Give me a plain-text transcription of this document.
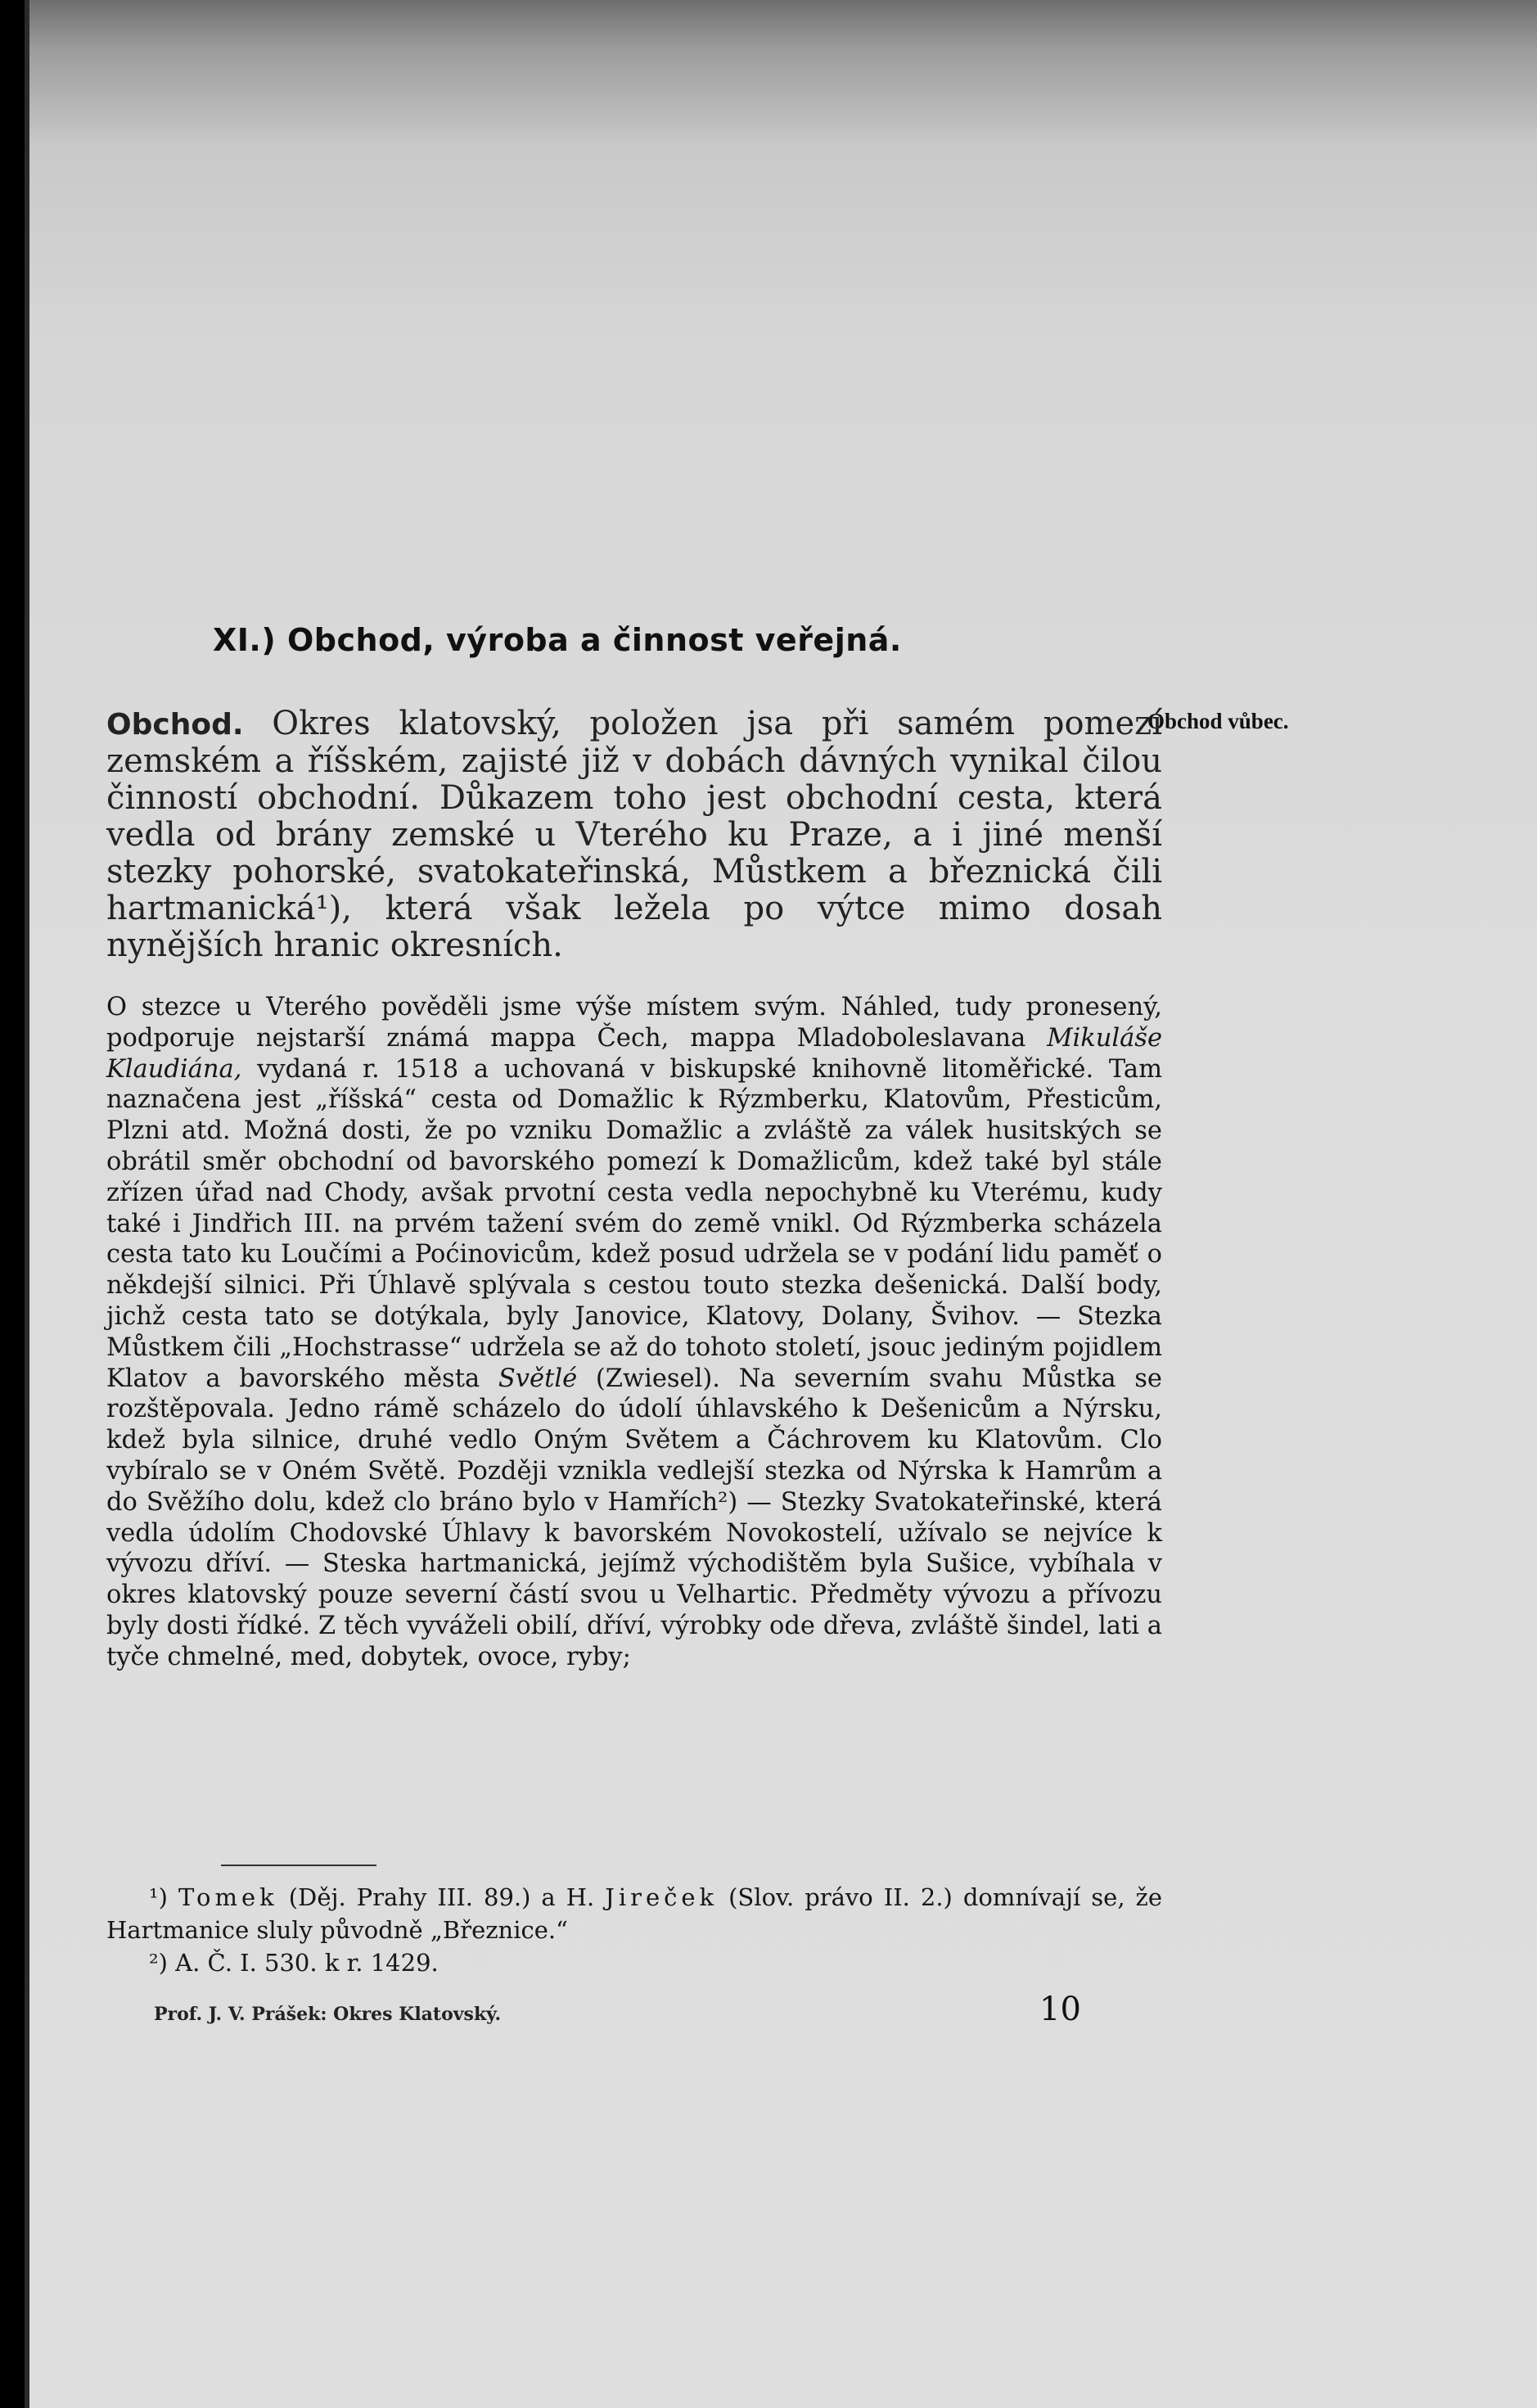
XI.) Obchod, výroba a činnost veřejná.
Obchod vůbec.
Obchod. Okres klatovský, položen jsa při samém pomezí zemském a říšském, zajisté již v dobách dávných vynikal čilou činností obchodní. Důkazem toho jest obchodní cesta, která vedla od brány zemské u Vterého ku Praze, a i jiné menší stezky pohorské, svatokateřinská, Můstkem a březnická čili hartmanická¹), která však ležela po výtce mimo dosah nynějších hranic okresních.
O stezce u Vterého pověděli jsme výše místem svým. Náhled, tudy pronesený, podporuje nejstarší známá mappa Čech, mappa Mladoboleslavana Mikuláše Klaudiána, vydaná r. 1518 a uchovaná v biskupské knihovně litoměřické. Tam naznačena jest „říšská“ cesta od Domažlic k Rýzmberku, Klatovům, Přesticům, Plzni atd. Možná dosti, že po vzniku Domažlic a zvláště za válek husitských se obrátil směr obchodní od bavorského pomezí k Domažlicům, kdež také byl stále zřízen úřad nad Chody, avšak prvotní cesta vedla nepochybně ku Vterému, kudy také i Jindřich III. na prvém tažení svém do země vnikl. Od Rýzmberka scházela cesta tato ku Loučími a Poćinovicům, kdež posud udržela se v podání lidu paměť o někdejší silnici. Při Úhlavě splývala s cestou touto stezka dešenická. Další body, jichž cesta tato se dotýkala, byly Janovice, Klatovy, Dolany, Švihov. — Stezka Můstkem čili „Hochstrasse“ udržela se až do tohoto století, jsouc jediným pojidlem Klatov a bavorského města Světlé (Zwiesel). Na severním svahu Můstka se rozštěpovala. Jedno rámě scházelo do údolí úhlavského k Dešenicům a Nýrsku, kdež byla silnice, druhé vedlo Oným Světem a Čáchrovem ku Klatovům. Clo vybíralo se v Oném Světě. Později vznikla vedlejší stezka od Nýrska k Hamrům a do Svěžího dolu, kdež clo bráno bylo v Hamřích²) — Stezky Svatokateřinské, která vedla údolím Chodovské Úhlavy k bavorském Novokostelí, užívalo se nejvíce k vývozu dříví. — Steska hartmanická, jejímž východištěm byla Sušice, vybíhala v okres klatovský pouze severní částí svou u Velhartic. Předměty vývozu a přívozu byly dosti řídké. Z těch vyváželi obilí, dříví, výrobky ode dřeva, zvláště šindel, lati a tyče chmelné, med, dobytek, ovoce, ryby;
¹) Tomek (Děj. Prahy III. 89.) a H. Jireček (Slov. právo II. 2.) domnívají se, že Hartmanice sluly původně „Březnice.“
²) A. Č. I. 530. k r. 1429.
Prof. J. V. Prášek: Okres Klatovský.	10
